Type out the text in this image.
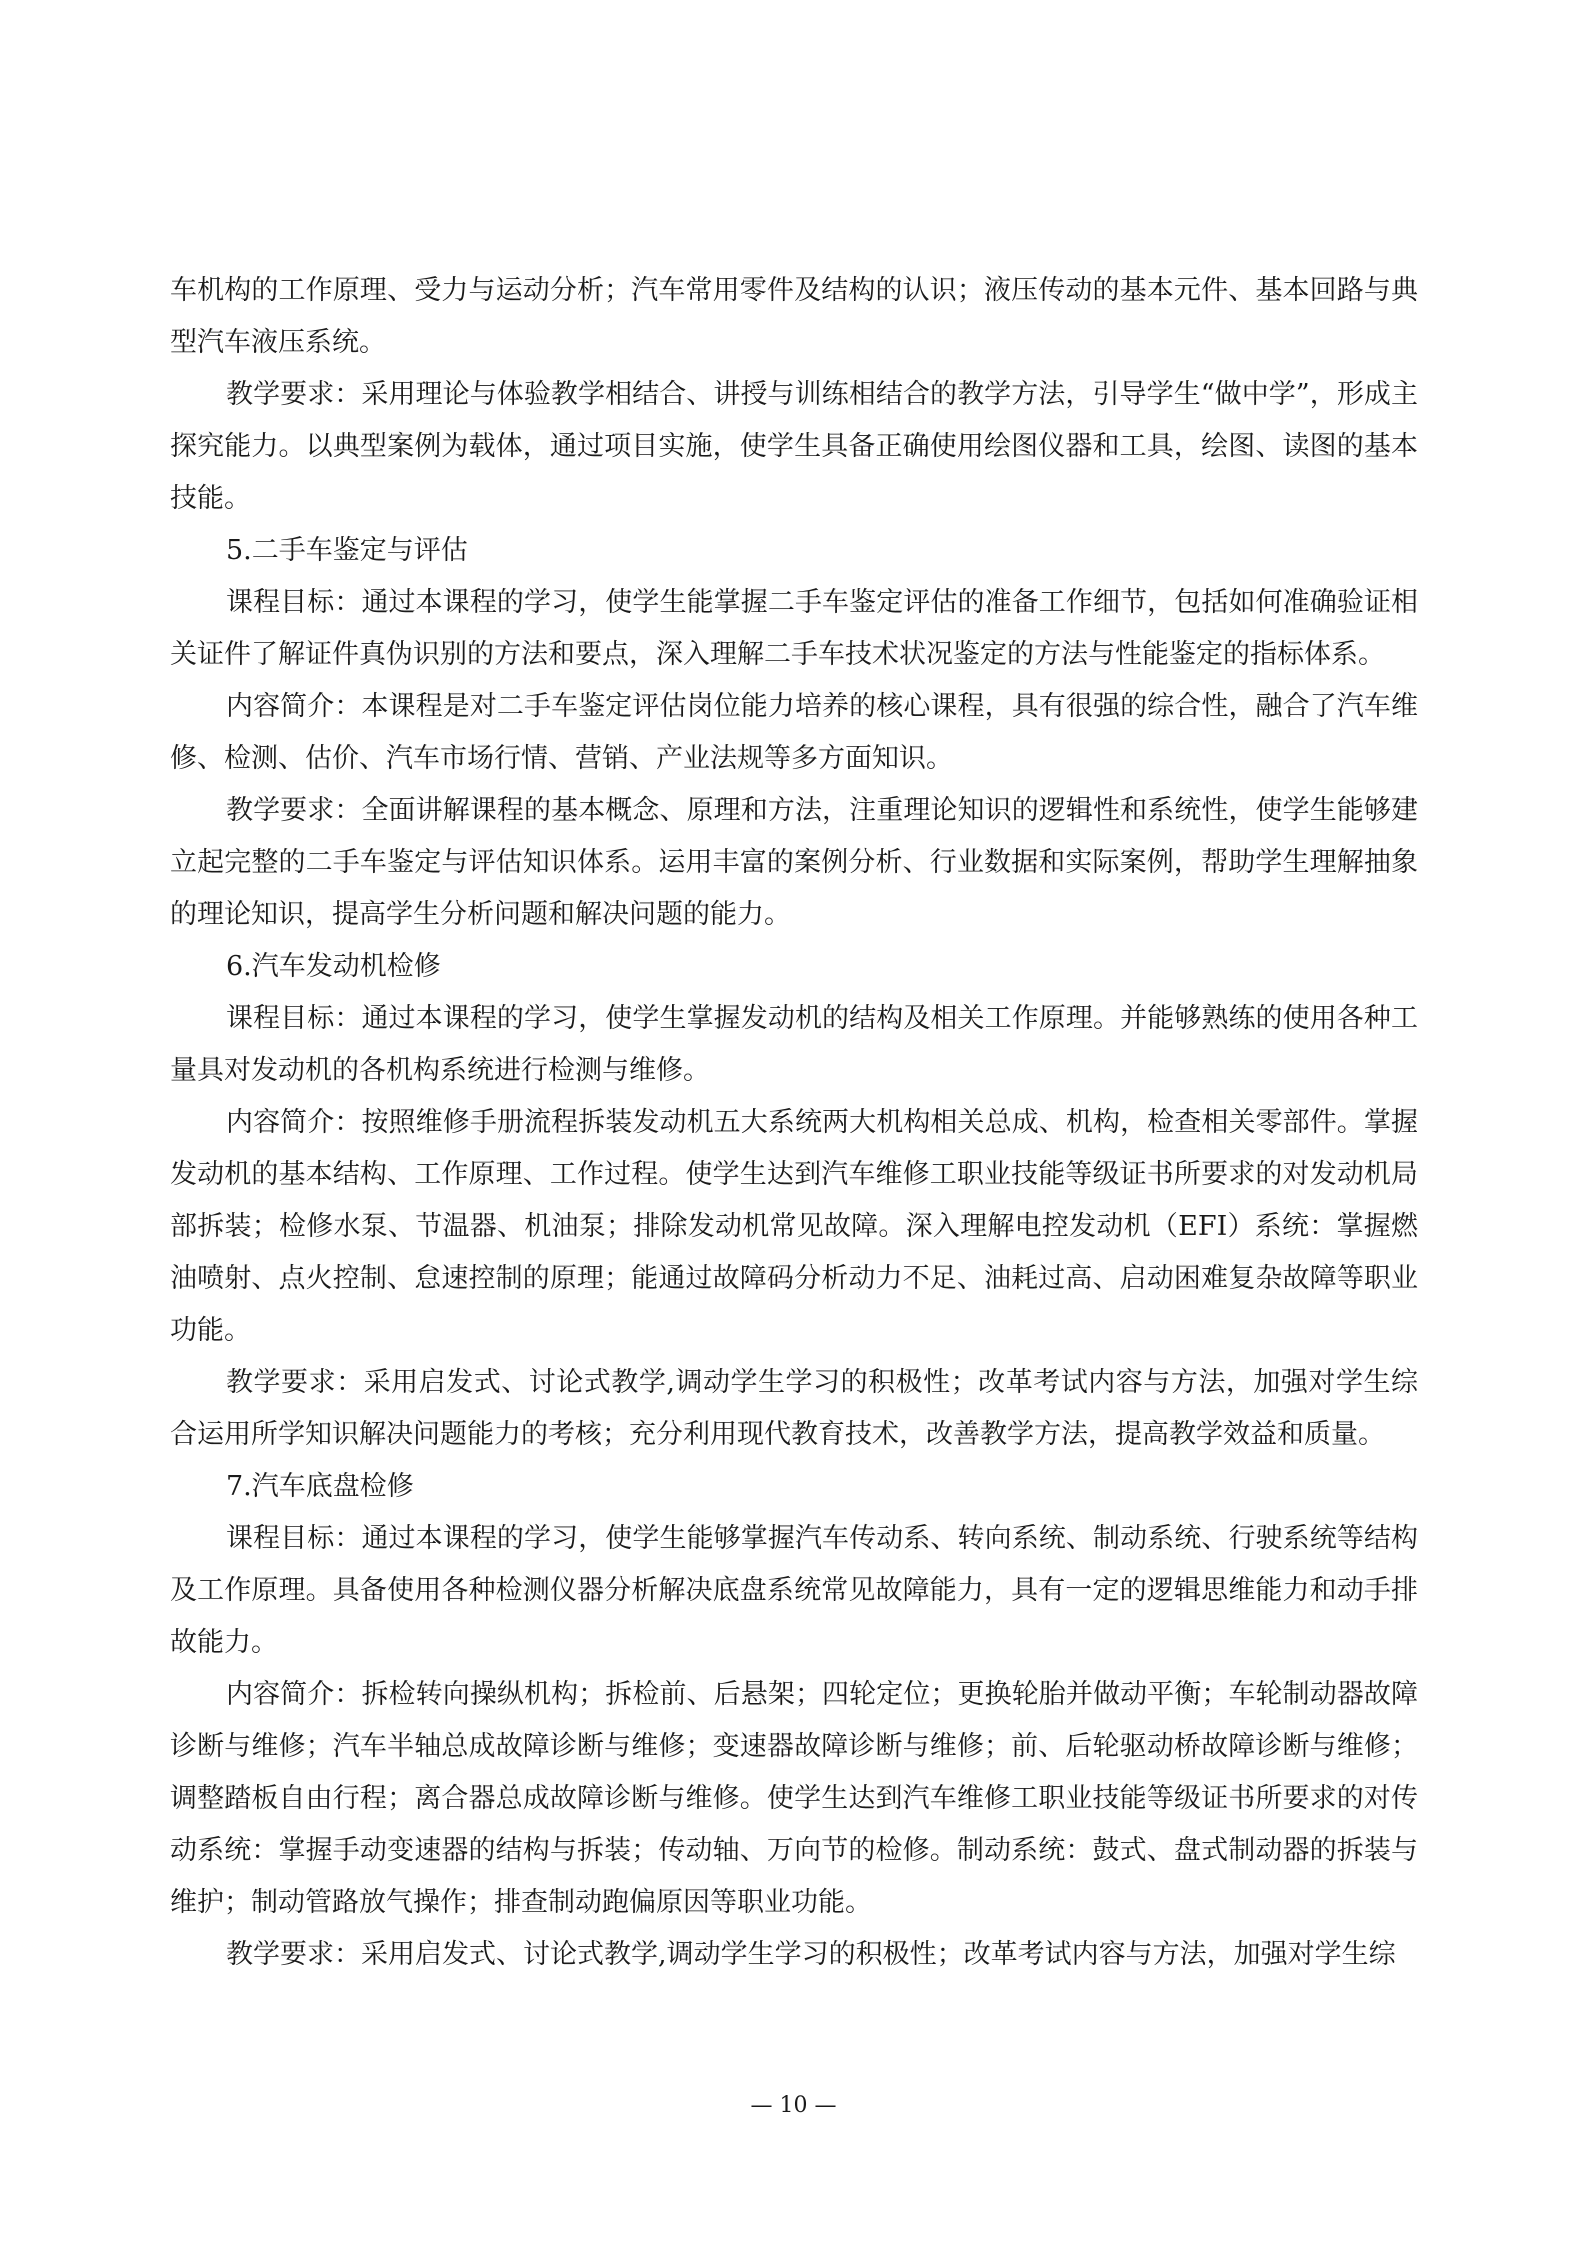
车机构的工作原理、受力与运动分析；汽车常用零件及结构的认识；液压传动的基本元件、基本回路与典型汽车液压系统。

教学要求：采用理论与体验教学相结合、讲授与训练相结合的教学方法，引导学生“做中学”，形成主探究能力。以典型案例为载体，通过项目实施，使学生具备正确使用绘图仪器和工具，绘图、读图的基本技能。

5.二手车鉴定与评估

课程目标：通过本课程的学习，使学生能掌握二手车鉴定评估的准备工作细节，包括如何准确验证相关证件了解证件真伪识别的方法和要点，深入理解二手车技术状况鉴定的方法与性能鉴定的指标体系。

内容简介：本课程是对二手车鉴定评估岗位能力培养的核心课程，具有很强的综合性，融合了汽车维修、检测、估价、汽车市场行情、营销、产业法规等多方面知识。

教学要求：全面讲解课程的基本概念、原理和方法，注重理论知识的逻辑性和系统性，使学生能够建立起完整的二手车鉴定与评估知识体系。运用丰富的案例分析、行业数据和实际案例，帮助学生理解抽象的理论知识，提高学生分析问题和解决问题的能力。

6.汽车发动机检修

课程目标：通过本课程的学习，使学生掌握发动机的结构及相关工作原理。并能够熟练的使用各种工量具对发动机的各机构系统进行检测与维修。

内容简介：按照维修手册流程拆装发动机五大系统两大机构相关总成、机构，检查相关零部件。掌握发动机的基本结构、工作原理、工作过程。使学生达到汽车维修工职业技能等级证书所要求的对发动机局部拆装；检修水泵、节温器、机油泵；排除发动机常见故障。深入理解电控发动机（EFI）系统：掌握燃油喷射、点火控制、怠速控制的原理；能通过故障码分析动力不足、油耗过高、启动困难复杂故障等职业功能。

教学要求：采用启发式、讨论式教学,调动学生学习的积极性；改革考试内容与方法，加强对学生综合运用所学知识解决问题能力的考核；充分利用现代教育技术，改善教学方法，提高教学效益和质量。

7.汽车底盘检修

课程目标：通过本课程的学习，使学生能够掌握汽车传动系、转向系统、制动系统、行驶系统等结构及工作原理。具备使用各种检测仪器分析解决底盘系统常见故障能力，具有一定的逻辑思维能力和动手排故能力。

内容简介：拆检转向操纵机构；拆检前、后悬架；四轮定位；更换轮胎并做动平衡；车轮制动器故障诊断与维修；汽车半轴总成故障诊断与维修；变速器故障诊断与维修；前、后轮驱动桥故障诊断与维修；调整踏板自由行程；离合器总成故障诊断与维修。使学生达到汽车维修工职业技能等级证书所要求的对传动系统：掌握手动变速器的结构与拆装；传动轴、万向节的检修。制动系统：鼓式、盘式制动器的拆装与维护；制动管路放气操作；排查制动跑偏原因等职业功能。

教学要求：采用启发式、讨论式教学,调动学生学习的积极性；改革考试内容与方法，加强对学生综

— 10 —
